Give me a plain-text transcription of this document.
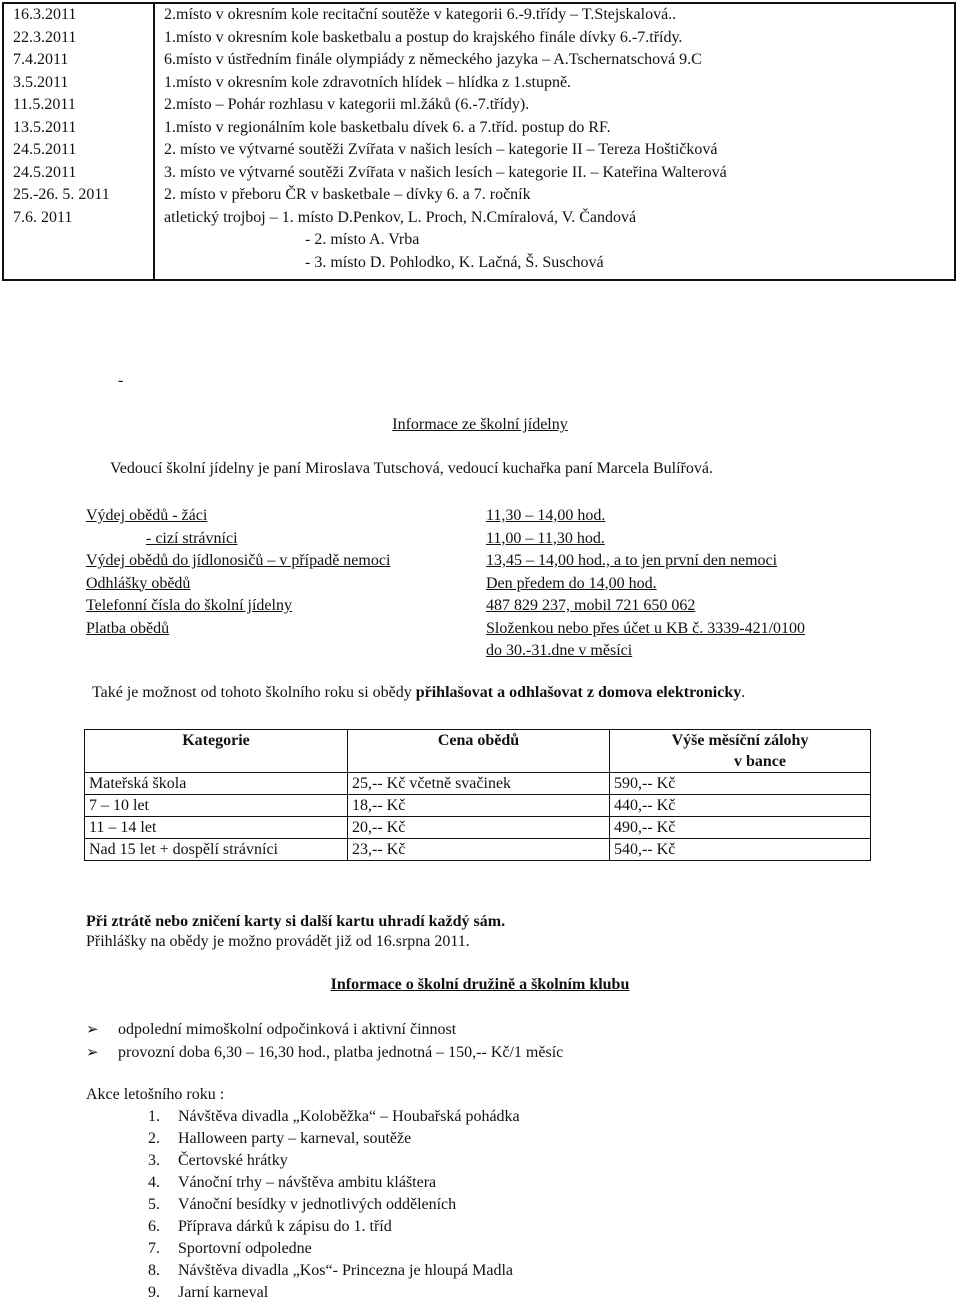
16.3.2011	2.místo v okresním kole recitační soutěže v kategorii 6.-9.třídy – T.Stejskalová..
22.3.2011	1.místo v okresním kole basketbalu a postup do krajského finále dívky 6.-7.třídy.
7.4.2011	6.místo v ústředním finále olympiády z německého jazyka – A.Tschernatschová 9.C
3.5.2011	1.místo v okresním kole zdravotních hlídek – hlídka z 1.stupně.
11.5.2011	2.místo – Pohár rozhlasu v kategorii ml.žáků (6.-7.třídy).
13.5.2011	1.místo v regionálním kole basketbalu dívek 6. a 7.tříd. postup do RF.
24.5.2011	2. místo ve výtvarné soutěži Zvířata v našich lesích – kategorie II – Tereza Hoštičková
24.5.2011	3. místo ve výtvarné soutěži Zvířata v našich lesích – kategorie II. – Kateřina Walterová
25.-26. 5. 2011	2. místo v přeboru ČR v basketbale – dívky 6. a 7. ročník
7.6. 2011	atletický trojboj – 1. místo D.Penkov, L. Proch, N.Cmíralová, V. Čandová
	- 2. místo A. Vrba
	- 3. místo D. Pohlodko, K. Lačná, Š. Suschová
-
Informace ze školní jídelny
Vedoucí školní jídelny je paní Miroslava Tutschová, vedoucí kuchařka paní Marcela Bulířová.
Výdej obědů - žáci	11,30 – 14,00 hod.
- cizí strávníci	11,00 – 11,30 hod.
Výdej obědů do jídlonosičů – v případě nemoci	13,45 – 14,00 hod., a to jen první den nemoci
Odhlášky obědů	Den předem do 14,00 hod.
Telefonní čísla do školní jídelny	487 829 237, mobil 721 650 062
Platba obědů	Složenkou nebo přes účet u KB č. 3339-421/0100
	do 30.-31.dne v měsíci
Také je možnost od tohoto školního roku si obědy přihlašovat a odhlašovat z domova elektronicky.
Kategorie	Cena obědů	Výše měsíční zálohy
v bance
Mateřská škola	25,-- Kč včetně svačinek	590,-- Kč
7 – 10 let	18,-- Kč	440,-- Kč
11 – 14 let	20,-- Kč	490,-- Kč
Nad 15 let + dospělí strávníci	23,-- Kč	540,-- Kč
Při ztrátě nebo zničení karty si další kartu uhradí každý sám.
Přihlášky na obědy je možno provádět již od 16.srpna 2011.
Informace o školní družině a školním klubu
➢ odpolední mimoškolní odpočinková i aktivní činnost
➢ provozní doba 6,30 – 16,30 hod., platba jednotná – 150,-- Kč/1 měsíc
Akce letošního roku :
1. Návštěva divadla „Koloběžka“ – Houbařská pohádka
2. Halloween party – karneval, soutěže
3. Čertovské hrátky
4. Vánoční trhy – návštěva ambitu kláštera
5. Vánoční besídky v jednotlivých odděleních
6. Příprava dárků k zápisu do 1. tříd
7. Sportovní odpoledne
8. Návštěva divadla „Kos“- Princezna je hloupá Madla
9. Jarní karneval
